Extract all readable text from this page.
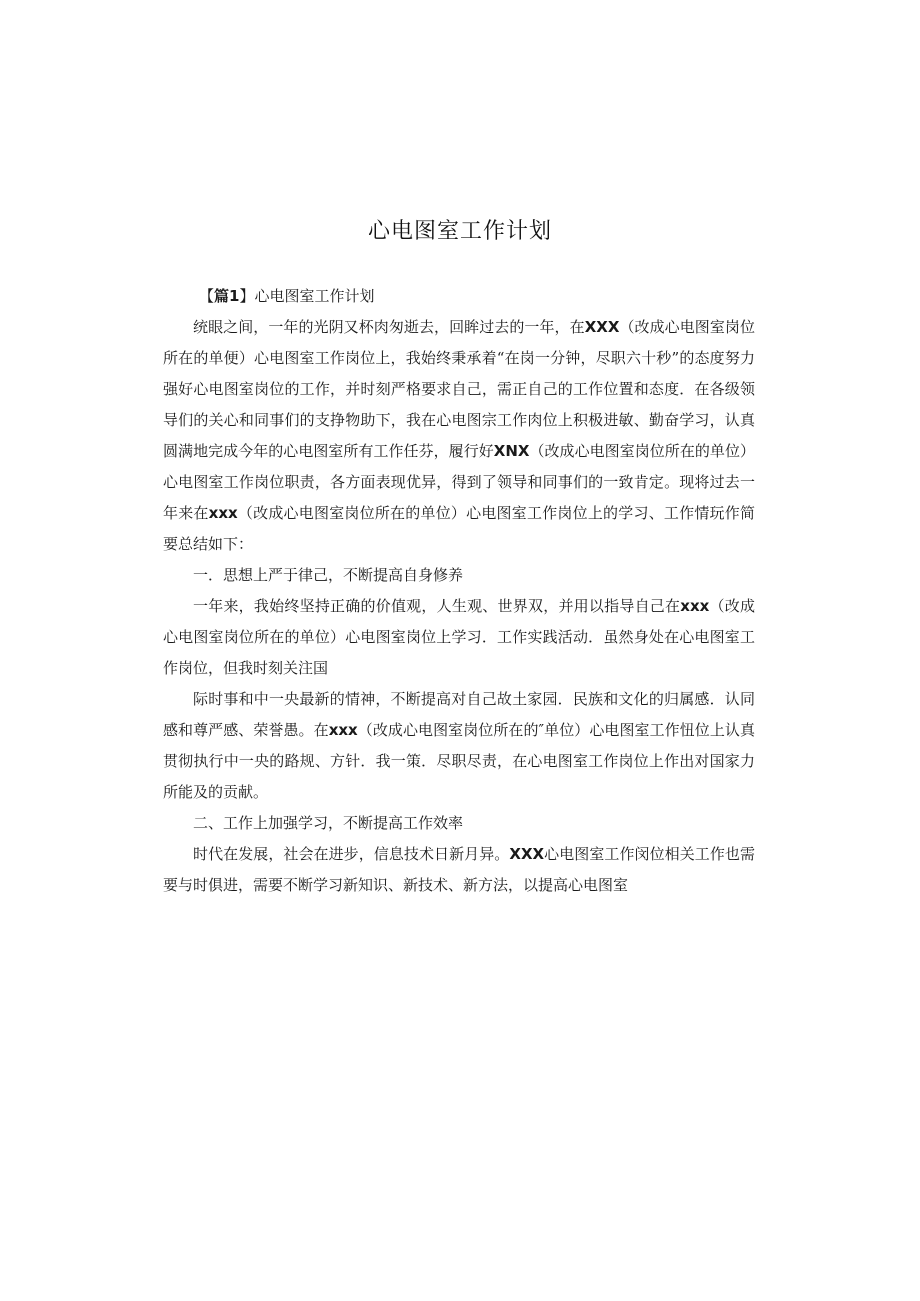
心电图室工作计划

【篇1】心电图室工作计划

统眼之间，一年的光阴又杯肉匆逝去，回眸过去的一年，在XXX（改成心电图室岗位所在的单便）心电图室工作岗位上，我始终秉承着“在岗一分钟，尽职六十秒”的态度努力强好心电图室岗位的工作，并时刻严格要求自己，需正自己的工作位置和态度．在各级领导们的关心和同事们的支挣物助下，我在心电图宗工作肉位上积极进敏、勤奋学习，认真圆满地完成今年的心电图室所有工作任芬，履行好XNX（改成心电图室岗位所在的单位）心电图室工作岗位职责，各方面表现优异，得到了领导和同事们的一致肯定。现将过去一年来在xxx（改成心电图室岗位所在的单位）心电图室工作岗位上的学习、工作情玩作简要总结如下：

一．思想上严于律己，不断提高自身修养

一年来，我始终坚持正确的价值观，人生观、世界双，并用以指导自己在xxx（改成心电图室岗位所在的单位）心电图室岗位上学习．工作实践活动．虽然身处在心电图室工作岗位，但我时刻关注国

际时事和中一央最新的情神，不断提高对自己故土家园．民族和文化的归属感．认同感和尊严感、荣誉愚。在xxx（改成心电图室岗位所在的″单位）心电图室工作忸位上认真贯彻执行中一央的路规、方针．我一策．尽职尽责，在心电图室工作岗位上作出对国家力所能及的贡献。

二、工作上加强学习，不断提高工作效率

时代在发展，社会在进步，信息技术日新月异。XXX心电图室工作闵位相关工作也需要与时俱进，需要不断学习新知识、新技术、新方法，以提高心电图室
